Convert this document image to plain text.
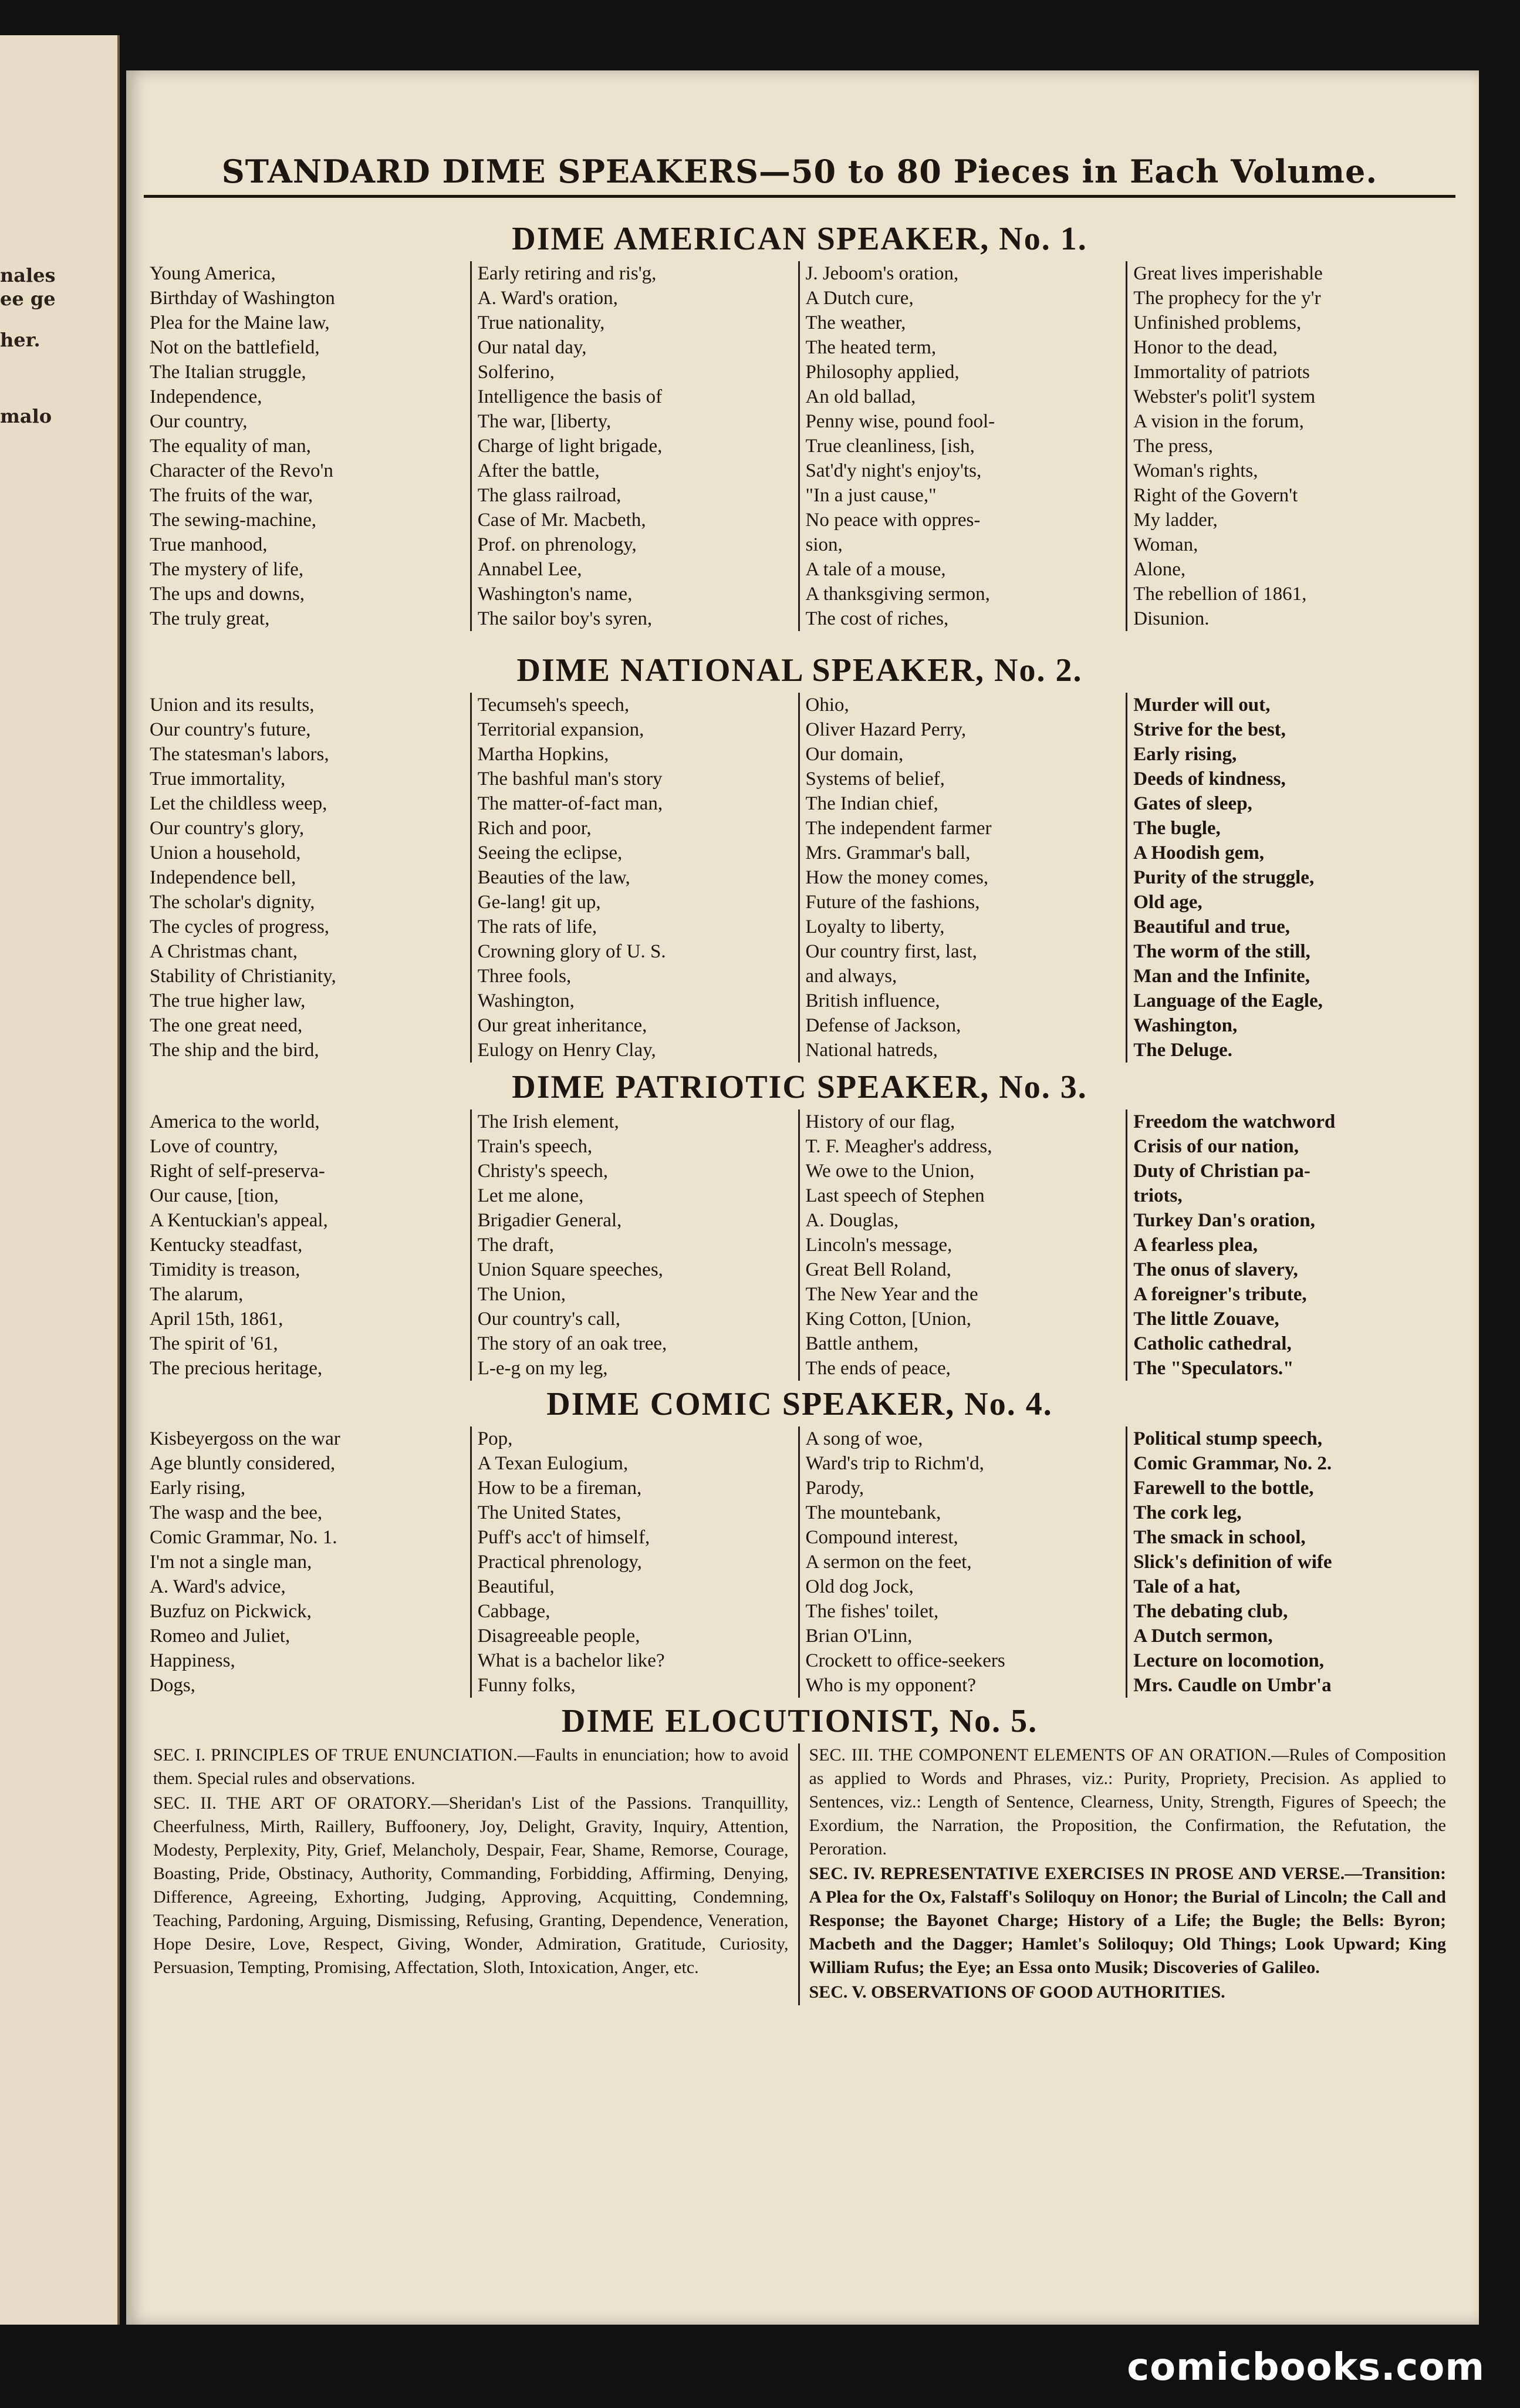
nales
ee ge
her.
malo
STANDARD DIME SPEAKERS—50 to 80 Pieces in Each Volume.
DIME AMERICAN SPEAKER, No. 1.
Young America,
Birthday of Washington
Plea for the Maine law,
Not on the battlefield,
The Italian struggle,
Independence,
Our country,
The equality of man,
Character of the Revo'n
The fruits of the war,
The sewing-machine,
True manhood,
The mystery of life,
The ups and downs,
The truly great,
Early retiring and ris'g,
A. Ward's oration,
True nationality,
Our natal day,
Solferino,
Intelligence the basis of
The war, [liberty,
Charge of light brigade,
After the battle,
The glass railroad,
Case of Mr. Macbeth,
Prof. on phrenology,
Annabel Lee,
Washington's name,
The sailor boy's syren,
J. Jeboom's oration,
A Dutch cure,
The weather,
The heated term,
Philosophy applied,
An old ballad,
Penny wise, pound fool-
True cleanliness, [ish,
Sat'd'y night's enjoy'ts,
"In a just cause,"
No peace with oppres-
sion,
A tale of a mouse,
A thanksgiving sermon,
The cost of riches,
Great lives imperishable
The prophecy for the y'r
Unfinished problems,
Honor to the dead,
Immortality of patriots
Webster's polit'l system
A vision in the forum,
The press,
Woman's rights,
Right of the Govern't
My ladder,
Woman,
Alone,
The rebellion of 1861,
Disunion.
DIME NATIONAL SPEAKER, No. 2.
Union and its results,
Our country's future,
The statesman's labors,
True immortality,
Let the childless weep,
Our country's glory,
Union a household,
Independence bell,
The scholar's dignity,
The cycles of progress,
A Christmas chant,
Stability of Christianity,
The true higher law,
The one great need,
The ship and the bird,
Tecumseh's speech,
Territorial expansion,
Martha Hopkins,
The bashful man's story
The matter-of-fact man,
Rich and poor,
Seeing the eclipse,
Beauties of the law,
Ge-lang! git up,
The rats of life,
Crowning glory of U. S.
Three fools,
Washington,
Our great inheritance,
Eulogy on Henry Clay,
Ohio,
Oliver Hazard Perry,
Our domain,
Systems of belief,
The Indian chief,
The independent farmer
Mrs. Grammar's ball,
How the money comes,
Future of the fashions,
Loyalty to liberty,
Our country first, last,
and always,
British influence,
Defense of Jackson,
National hatreds,
Murder will out,
Strive for the best,
Early rising,
Deeds of kindness,
Gates of sleep,
The bugle,
A Hoodish gem,
Purity of the struggle,
Old age,
Beautiful and true,
The worm of the still,
Man and the Infinite,
Language of the Eagle,
Washington,
The Deluge.
DIME PATRIOTIC SPEAKER, No. 3.
America to the world,
Love of country,
Right of self-preserva-
Our cause, [tion,
A Kentuckian's appeal,
Kentucky steadfast,
Timidity is treason,
The alarum,
April 15th, 1861,
The spirit of '61,
The precious heritage,
The Irish element,
Train's speech,
Christy's speech,
Let me alone,
Brigadier General,
The draft,
Union Square speeches,
The Union,
Our country's call,
The story of an oak tree,
L-e-g on my leg,
History of our flag,
T. F. Meagher's address,
We owe to the Union,
Last speech of Stephen
A. Douglas,
Lincoln's message,
Great Bell Roland,
The New Year and the
King Cotton, [Union,
Battle anthem,
The ends of peace,
Freedom the watchword
Crisis of our nation,
Duty of Christian pa-
triots,
Turkey Dan's oration,
A fearless plea,
The onus of slavery,
A foreigner's tribute,
The little Zouave,
Catholic cathedral,
The "Speculators."
DIME COMIC SPEAKER, No. 4.
Kisbeyergoss on the war
Age bluntly considered,
Early rising,
The wasp and the bee,
Comic Grammar, No. 1.
I'm not a single man,
A. Ward's advice,
Buzfuz on Pickwick,
Romeo and Juliet,
Happiness,
Dogs,
Pop,
A Texan Eulogium,
How to be a fireman,
The United States,
Puff's acc't of himself,
Practical phrenology,
Beautiful,
Cabbage,
Disagreeable people,
What is a bachelor like?
Funny folks,
A song of woe,
Ward's trip to Richm'd,
Parody,
The mountebank,
Compound interest,
A sermon on the feet,
Old dog Jock,
The fishes' toilet,
Brian O'Linn,
Crockett to office-seekers
Who is my opponent?
Political stump speech,
Comic Grammar, No. 2.
Farewell to the bottle,
The cork leg,
The smack in school,
Slick's definition of wife
Tale of a hat,
The debating club,
A Dutch sermon,
Lecture on locomotion,
Mrs. Caudle on Umbr'a
DIME ELOCUTIONIST, No. 5.
SEC. I. PRINCIPLES OF TRUE ENUNCIATION.—Faults in enunciation; how to avoid them. Special rules and observations.
SEC. II. THE ART OF ORATORY.—Sheridan's List of the Passions. Tranquillity, Cheerfulness, Mirth, Raillery, Buffoonery, Joy, Delight, Gravity, Inquiry, Attention, Modesty, Perplexity, Pity, Grief, Melancholy, Despair, Fear, Shame, Remorse, Courage, Boasting, Pride, Obstinacy, Authority, Commanding, Forbidding, Affirming, Denying, Difference, Agreeing, Exhorting, Judging, Approving, Acquitting, Condemning, Teaching, Pardoning, Arguing, Dismissing, Refusing, Granting, Dependence, Veneration, Hope Desire, Love, Respect, Giving, Wonder, Admiration, Gratitude, Curiosity, Persuasion, Tempting, Promising, Affectation, Sloth, Intoxication, Anger, etc.
SEC. III. THE COMPONENT ELEMENTS OF AN ORATION.—Rules of Composition as applied to Words and Phrases, viz.: Purity, Propriety, Precision. As applied to Sentences, viz.: Length of Sentence, Clearness, Unity, Strength, Figures of Speech; the Exordium, the Narration, the Proposition, the Confirmation, the Refutation, the Peroration.
SEC. IV. REPRESENTATIVE EXERCISES IN PROSE AND VERSE.—Transition: A Plea for the Ox, Falstaff's Soliloquy on Honor; the Burial of Lincoln; the Call and Response; the Bayonet Charge; History of a Life; the Bugle; the Bells: Byron; Macbeth and the Dagger; Hamlet's Soliloquy; Old Things; Look Upward; King William Rufus; the Eye; an Essa onto Musik; Discoveries of Galileo.
SEC. V. OBSERVATIONS OF GOOD AUTHORITIES.
comicbooks.com
